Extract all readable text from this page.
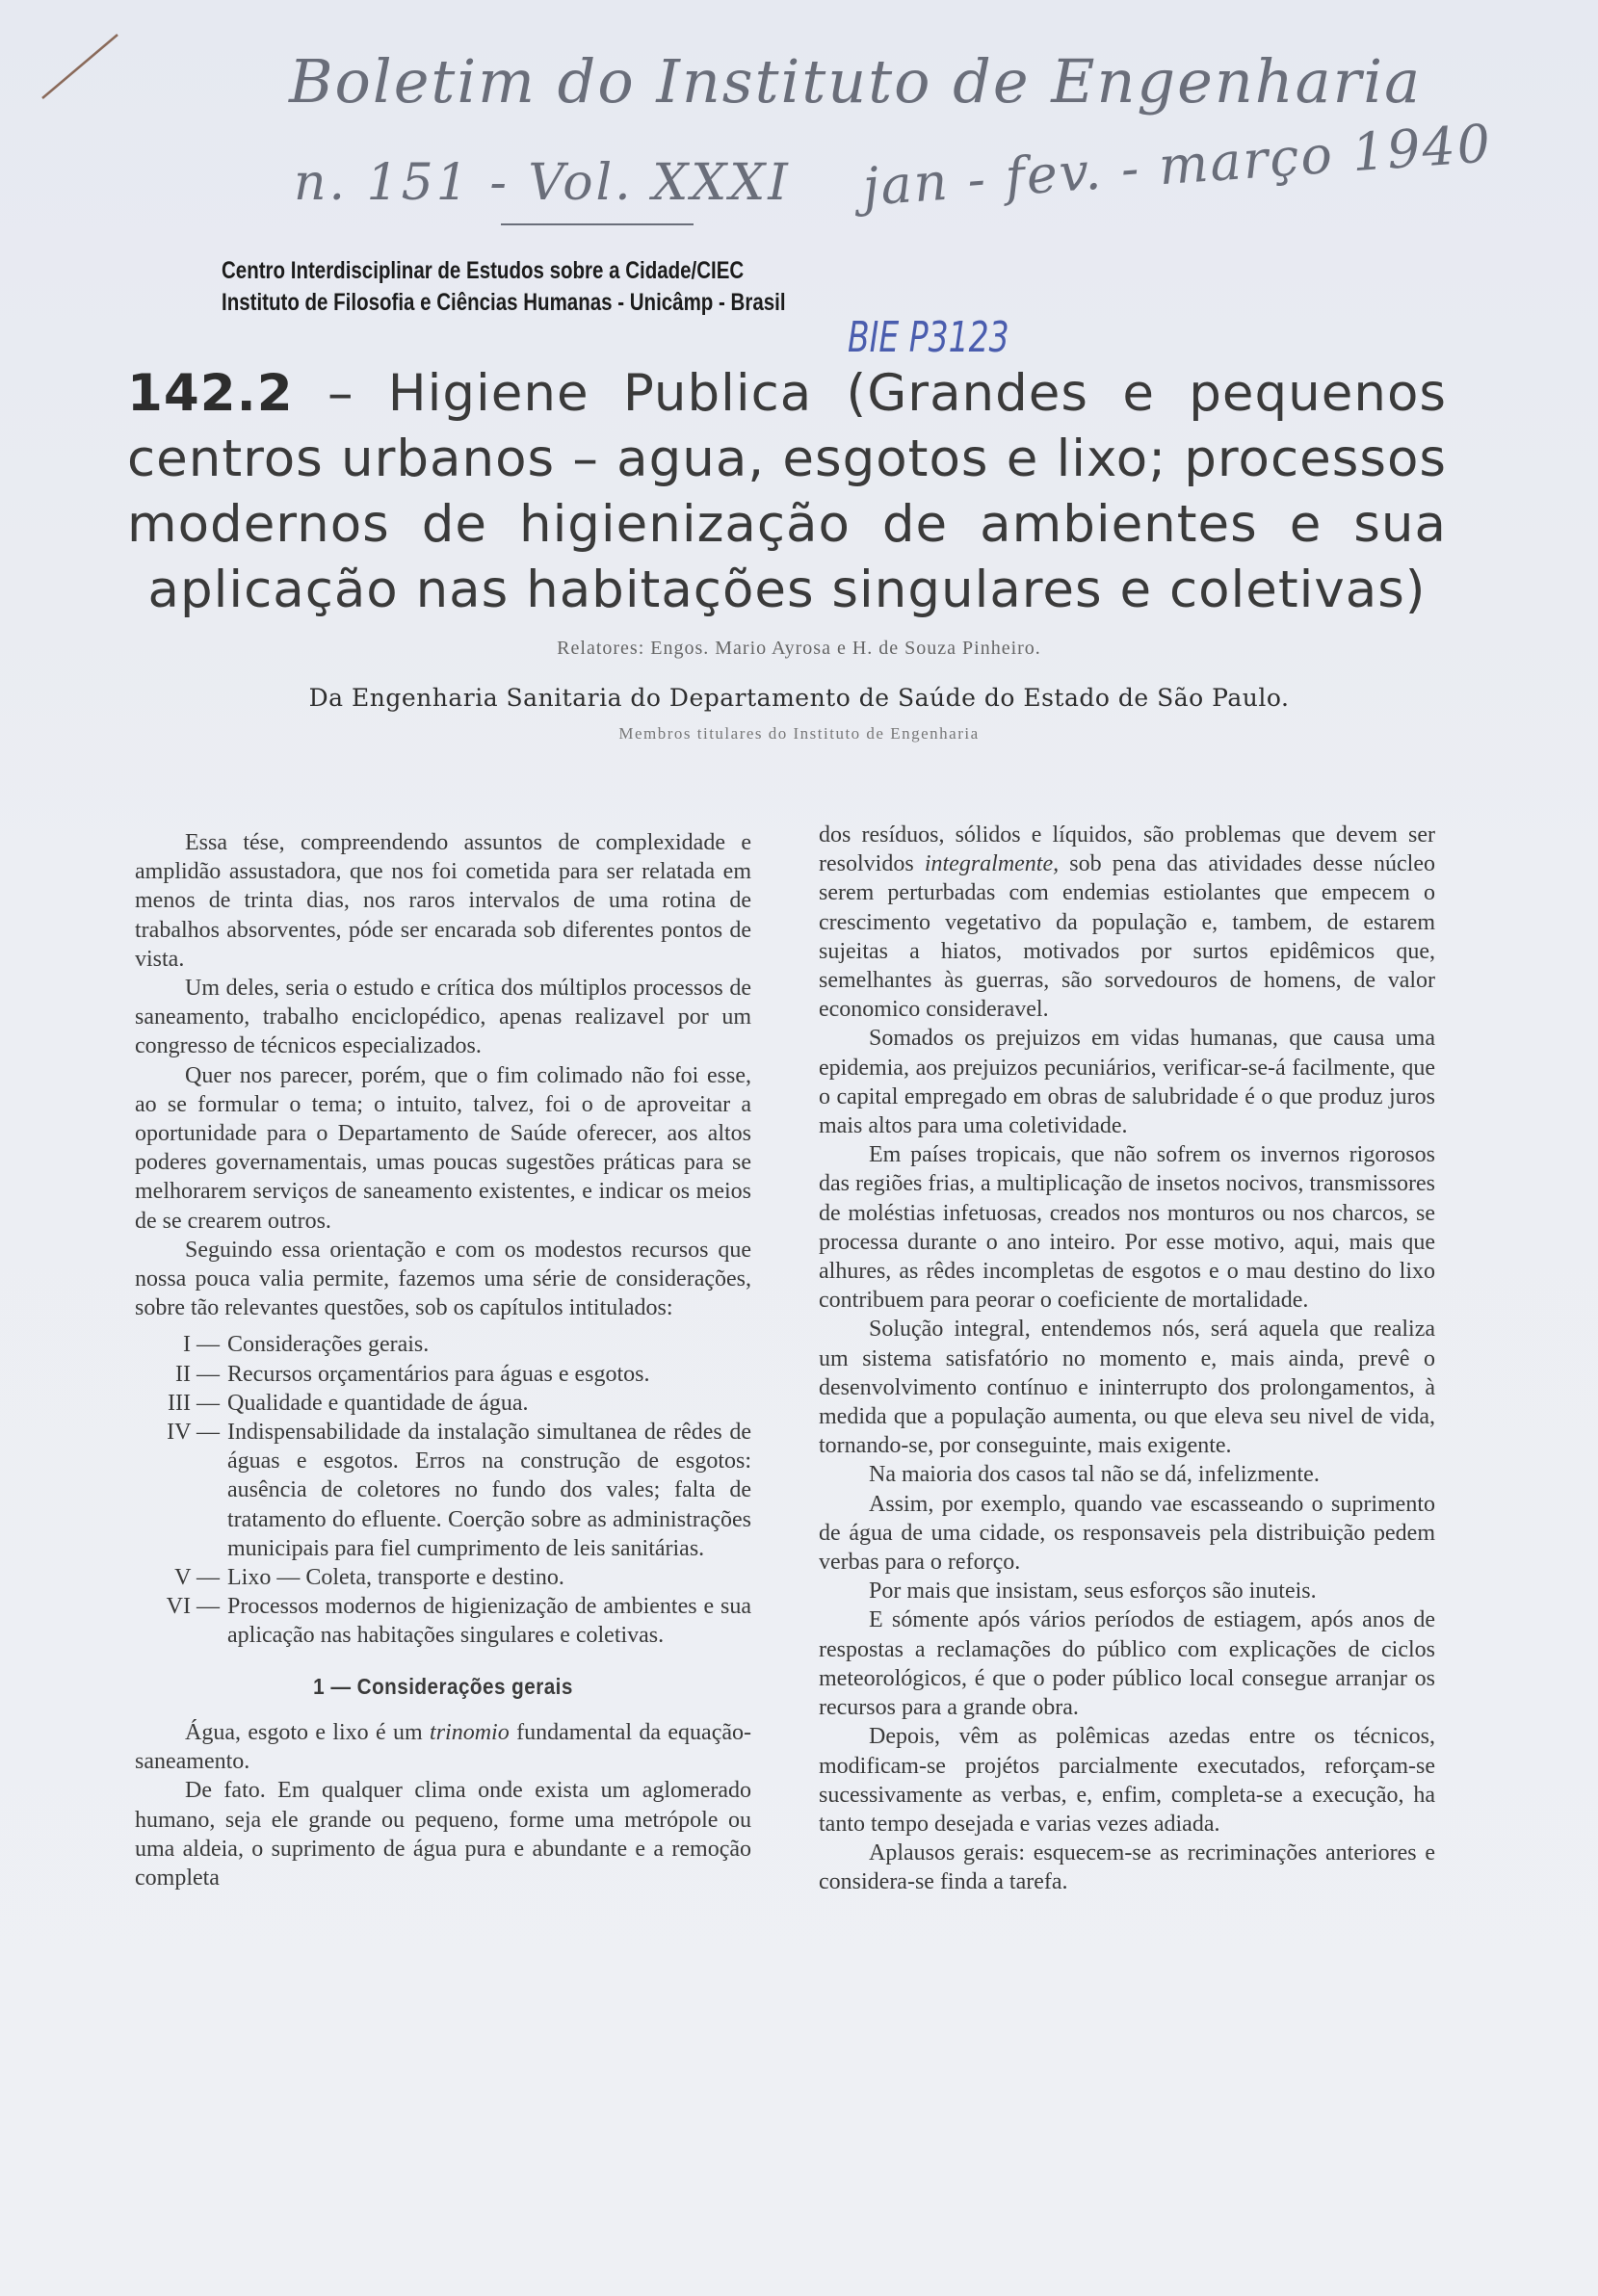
Boletim do Instituto de Engenharia
n. 151 - Vol. XXXI jan - fev. - março 1940
Centro Interdisciplinar de Estudos sobre a Cidade/CIEC
Instituto de Filosofia e Ciências Humanas - Unicâmp - Brasil
BIE P3123
142.2 – Higiene Publica (Grandes e pequenos centros urbanos – agua, esgotos e lixo; processos modernos de higienização de ambientes e sua aplicação nas habitações singulares e coletivas)
Relatores: Engos. Mario Ayrosa e H. de Souza Pinheiro.
Da Engenharia Sanitaria do Departamento de Saúde do Estado de São Paulo.
Membros titulares do Instituto de Engenharia

Essa tése, compreendendo assuntos de complexidade e amplidão assustadora, que nos foi cometida para ser relatada em menos de trinta dias, nos raros intervalos de uma rotina de trabalhos absorventes, póde ser encarada sob diferentes pontos de vista.

Um deles, seria o estudo e crítica dos múltiplos processos de saneamento, trabalho enciclopédico, apenas realizavel por um congresso de técnicos especializados.

Quer nos parecer, porém, que o fim colimado não foi esse, ao se formular o tema; o intuito, talvez, foi o de aproveitar a oportunidade para o Departamento de Saúde oferecer, aos altos poderes governamentais, umas poucas sugestões práticas para se melhorarem serviços de saneamento existentes, e indicar os meios de se crearem outros.

Seguindo essa orientação e com os modestos recursos que nossa pouca valia permite, fazemos uma série de considerações, sobre tão relevantes questões, sob os capítulos intitulados:

I — Considerações gerais.
II — Recursos orçamentários para águas e esgotos.
III — Qualidade e quantidade de água.
IV — Indispensabilidade da instalação simultanea de rêdes de águas e esgotos. Erros na construção de esgotos: ausência de coletores no fundo dos vales; falta de tratamento do efluente. Coerção sobre as administrações municipais para fiel cumprimento de leis sanitárias.
V — Lixo — Coleta, transporte e destino.
VI — Processos modernos de higienização de ambientes e sua aplicação nas habitações singulares e coletivas.
1 — Considerações gerais

Água, esgoto e lixo é um trinomio fundamental da equação-saneamento.

De fato. Em qualquer clima onde exista um aglomerado humano, seja ele grande ou pequeno, forme uma metrópole ou uma aldeia, o suprimento de água pura e abundante e a remoção completa

dos resíduos, sólidos e líquidos, são problemas que devem ser resolvidos integralmente, sob pena das atividades desse núcleo serem perturbadas com endemias estiolantes que empecem o crescimento vegetativo da população e, tambem, de estarem sujeitas a hiatos, motivados por surtos epidêmicos que, semelhantes às guerras, são sorvedouros de homens, de valor economico consideravel.

Somados os prejuizos em vidas humanas, que causa uma epidemia, aos prejuizos pecuniários, verificar-se-á facilmente, que o capital empregado em obras de salubridade é o que produz juros mais altos para uma coletividade.

Em países tropicais, que não sofrem os invernos rigorosos das regiões frias, a multiplicação de insetos nocivos, transmissores de moléstias infetuosas, creados nos monturos ou nos charcos, se processa durante o ano inteiro. Por esse motivo, aqui, mais que alhures, as rêdes incompletas de esgotos e o mau destino do lixo contribuem para peorar o coeficiente de mortalidade.

Solução integral, entendemos nós, será aquela que realiza um sistema satisfatório no momento e, mais ainda, prevê o desenvolvimento contínuo e ininterrupto dos prolongamentos, à medida que a população aumenta, ou que eleva seu nivel de vida, tornando-se, por conseguinte, mais exigente.

Na maioria dos casos tal não se dá, infelizmente.

Assim, por exemplo, quando vae escasseando o suprimento de água de uma cidade, os responsaveis pela distribuição pedem verbas para o reforço.

Por mais que insistam, seus esforços são inuteis.

E sómente após vários períodos de estiagem, após anos de respostas a reclamações do público com explicações de ciclos meteorológicos, é que o poder público local consegue arranjar os recursos para a grande obra.

Depois, vêm as polêmicas azedas entre os técnicos, modificam-se projétos parcialmente executados, reforçam-se sucessivamente as verbas, e, enfim, completa-se a execução, ha tanto tempo desejada e varias vezes adiada.

Aplausos gerais: esquecem-se as recriminações anteriores e considera-se finda a tarefa.
